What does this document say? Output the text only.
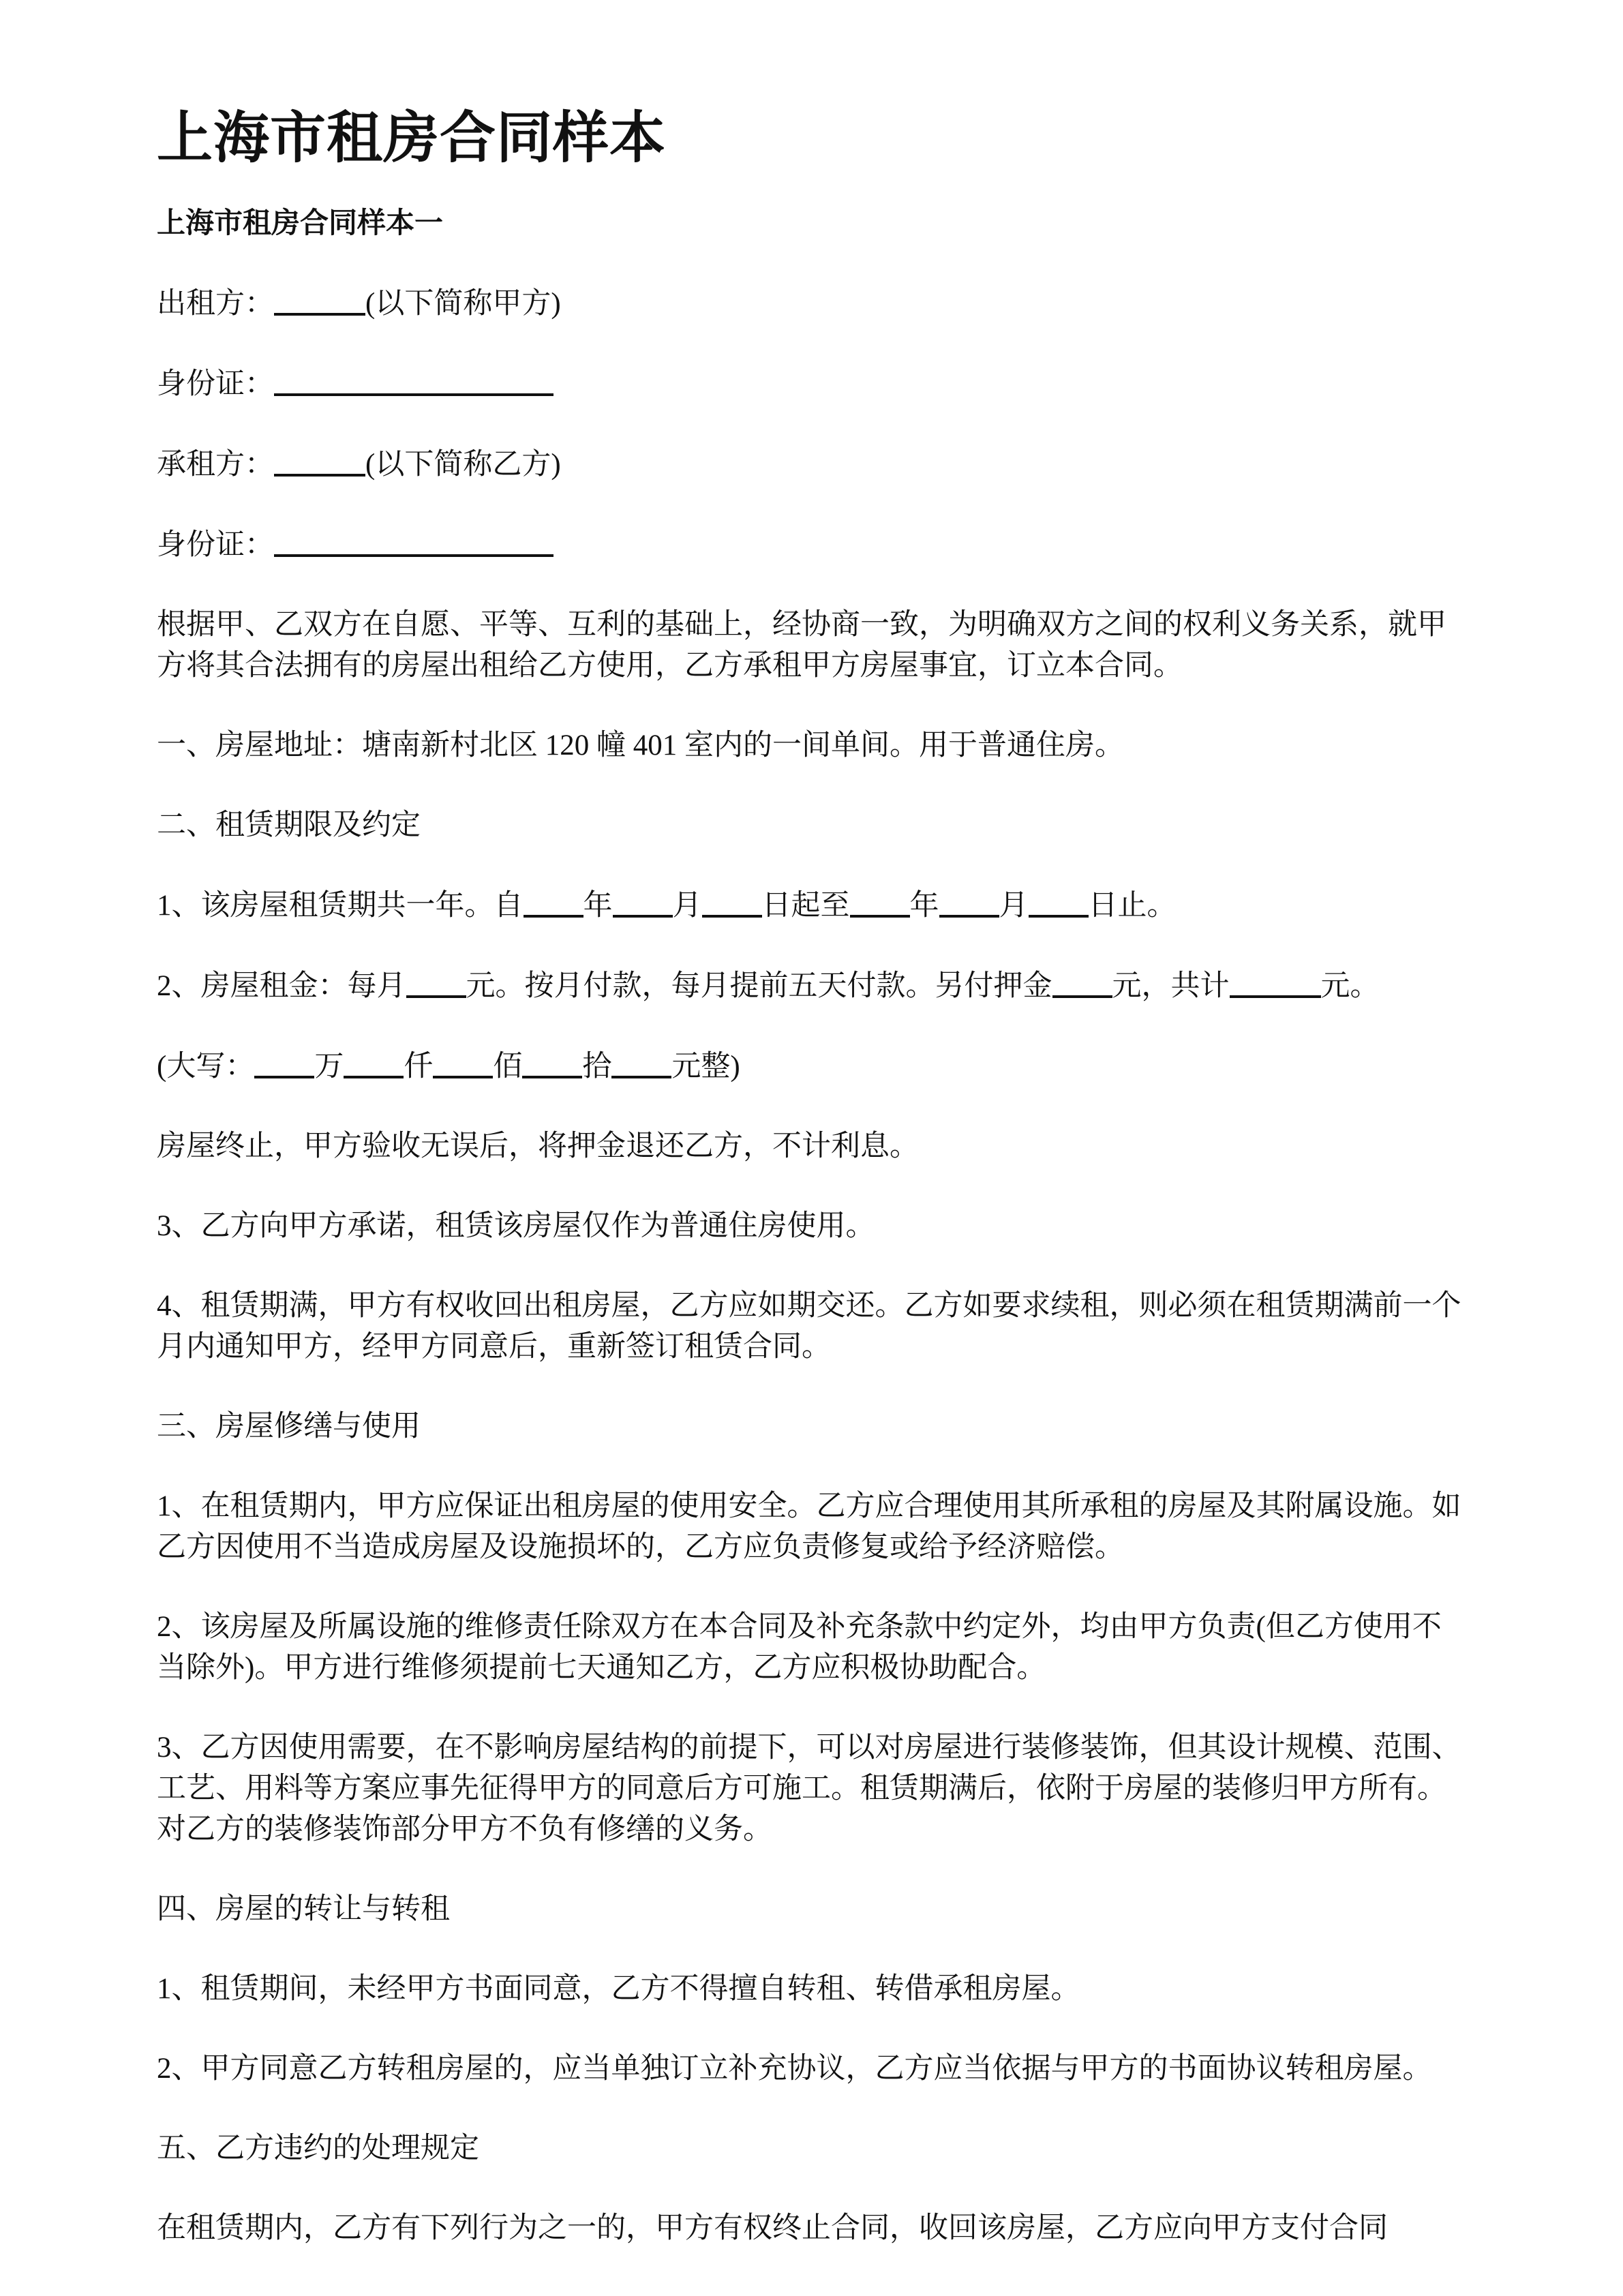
上海市租房合同样本
上海市租房合同样本一

出租方：	(以下简称甲方)

身份证：

承租方：	(以下简称乙方)

身份证：

根据甲、乙双方在自愿、平等、互利的基础上，经协商一致，为明确双方之间的权利义务关系，就甲方将其合法拥有的房屋出租给乙方使用，乙方承租甲方房屋事宜，订立本合同。

一、房屋地址：塘南新村北区 120 幢 401 室内的一间单间。用于普通住房。

二、租赁期限及约定

1、该房屋租赁期共一年。自 年 月 日起至 年 月 日止。

2、房屋租金：每月 元。按月付款，每月提前五天付款。另付押金 元，共计	元。

(大写： 万 仟 佰 拾 元整)

房屋终止，甲方验收无误后，将押金退还乙方，不计利息。

3、乙方向甲方承诺，租赁该房屋仅作为普通住房使用。

4、租赁期满，甲方有权收回出租房屋，乙方应如期交还。乙方如要求续租，则必须在租赁期满前一个月内通知甲方，经甲方同意后，重新签订租赁合同。

三、房屋修缮与使用

1、在租赁期内，甲方应保证出租房屋的使用安全。乙方应合理使用其所承租的房屋及其附属设施。如乙方因使用不当造成房屋及设施损坏的，乙方应负责修复或给予经济赔偿。

2、该房屋及所属设施的维修责任除双方在本合同及补充条款中约定外，均由甲方负责(但乙方使用不当除外)。甲方进行维修须提前七天通知乙方，乙方应积极协助配合。

3、乙方因使用需要，在不影响房屋结构的前提下，可以对房屋进行装修装饰，但其设计规模、范围、工艺、用料等方案应事先征得甲方的同意后方可施工。租赁期满后，依附于房屋的装修归甲方所有。对乙方的装修装饰部分甲方不负有修缮的义务。

四、房屋的转让与转租

1、租赁期间，未经甲方书面同意，乙方不得擅自转租、转借承租房屋。

2、甲方同意乙方转租房屋的，应当单独订立补充协议，乙方应当依据与甲方的书面协议转租房屋。

五、乙方违约的处理规定

在租赁期内，乙方有下列行为之一的，甲方有权终止合同，收回该房屋，乙方应向甲方支付合同
